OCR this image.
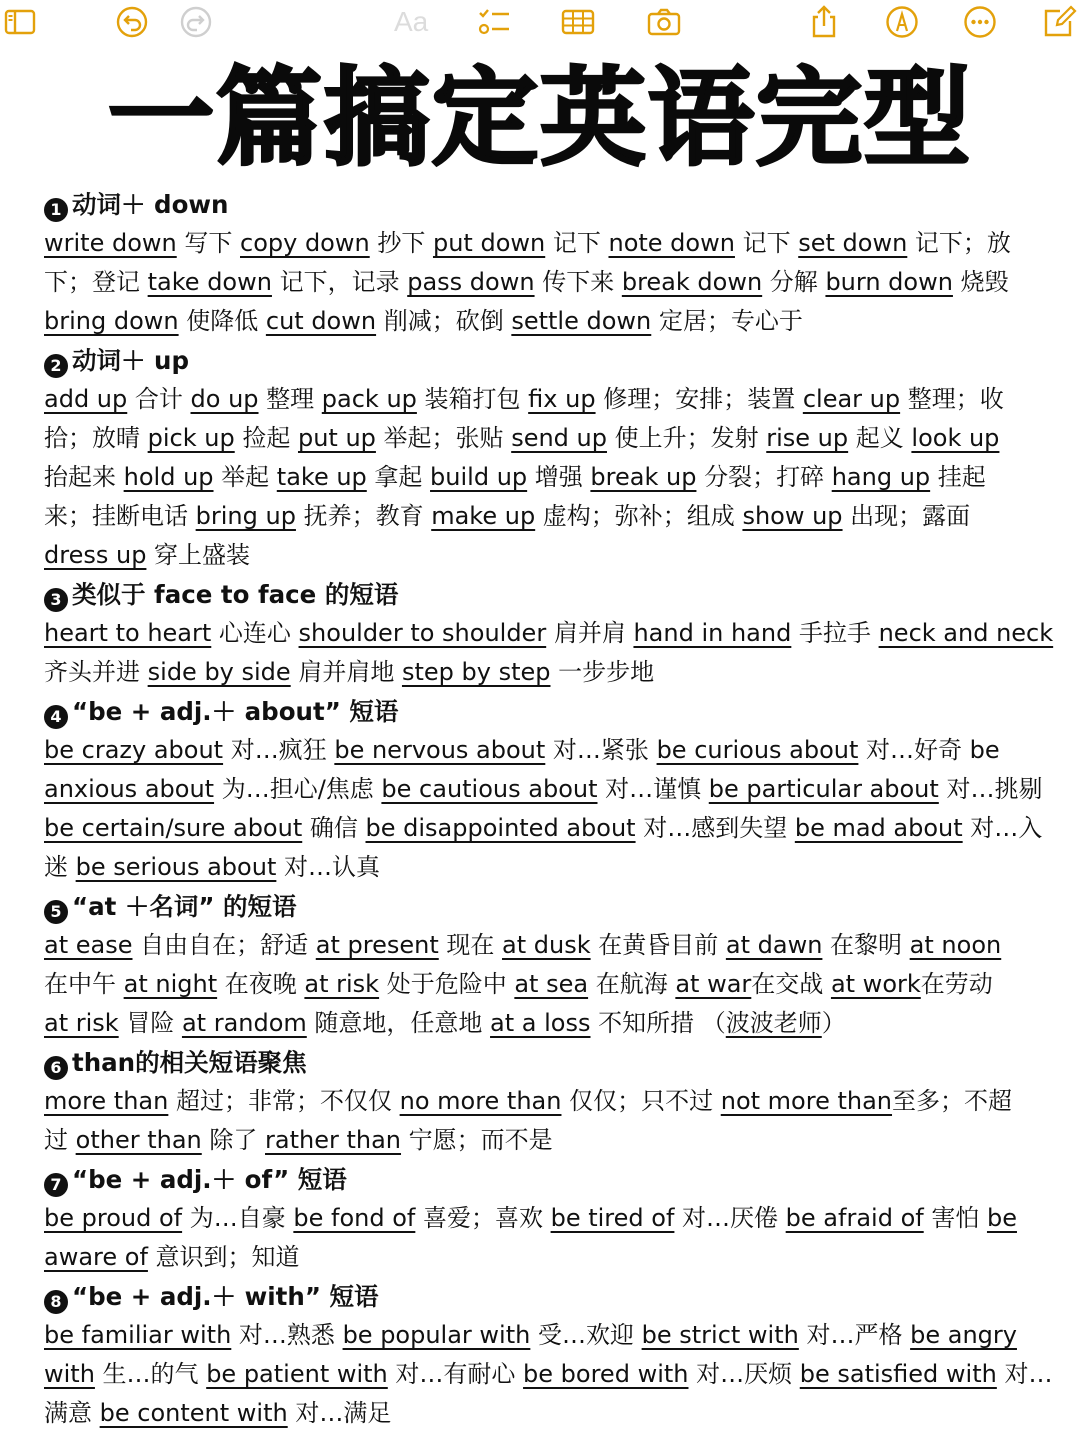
Aa
一篇搞定英语完型
1 动词＋ down
write down 写下 copy down 抄下 put down 记下 note down 记下 set down 记下；放
下；登记 take down 记下，记录 pass down 传下来 break down 分解 burn down 烧毁
bring down 使降低 cut down 削减；砍倒 settle down 定居；专心于
2 动词＋ up
add up 合计 do up 整理 pack up 装箱打包 fix up 修理；安排；装置 clear up 整理；收
拾；放晴 pick up 捡起 put up 举起；张贴 send up 使上升；发射 rise up 起义 look up
抬起来 hold up 举起 take up 拿起 build up 增强 break up 分裂；打碎 hang up 挂起
来；挂断电话 bring up 抚养；教育 make up 虚构；弥补；组成 show up 出现；露面
dress up 穿上盛装
3 类似于 face to face 的短语
heart to heart 心连心 shoulder to shoulder 肩并肩 hand in hand 手拉手 neck and neck
齐头并进 side by side 肩并肩地 step by step 一步步地
4 “be + adj.＋ about” 短语
be crazy about 对…疯狂 be nervous about 对…紧张 be curious about 对…好奇 be
anxious about 为…担心/焦虑 be cautious about 对…谨慎 be particular about 对…挑剔
be certain/sure about 确信 be disappointed about 对…感到失望 be mad about 对…入
迷 be serious about 对…认真
5 “at ＋名词” 的短语
at ease 自由自在；舒适 at present 现在 at dusk 在黄昏目前 at dawn 在黎明 at noon
在中午 at night 在夜晚 at risk 处于危险中 at sea 在航海 at war在交战 at work在劳动
at risk 冒险 at random 随意地，任意地 at a loss 不知所措 （波波老师）
6 than的相关短语聚焦
more than 超过；非常；不仅仅 no more than 仅仅；只不过 not more than至多；不超
过 other than 除了 rather than 宁愿；而不是
7 “be + adj.＋ of” 短语
be proud of 为…自豪 be fond of 喜爱；喜欢 be tired of 对…厌倦 be afraid of 害怕 be
aware of 意识到；知道
8 “be + adj.＋ with” 短语
be familiar with 对…熟悉 be popular with 受…欢迎 be strict with 对…严格 be angry
with 生…的气 be patient with 对…有耐心 be bored with 对…厌烦 be satisfied with 对…
满意 be content with 对…满足
